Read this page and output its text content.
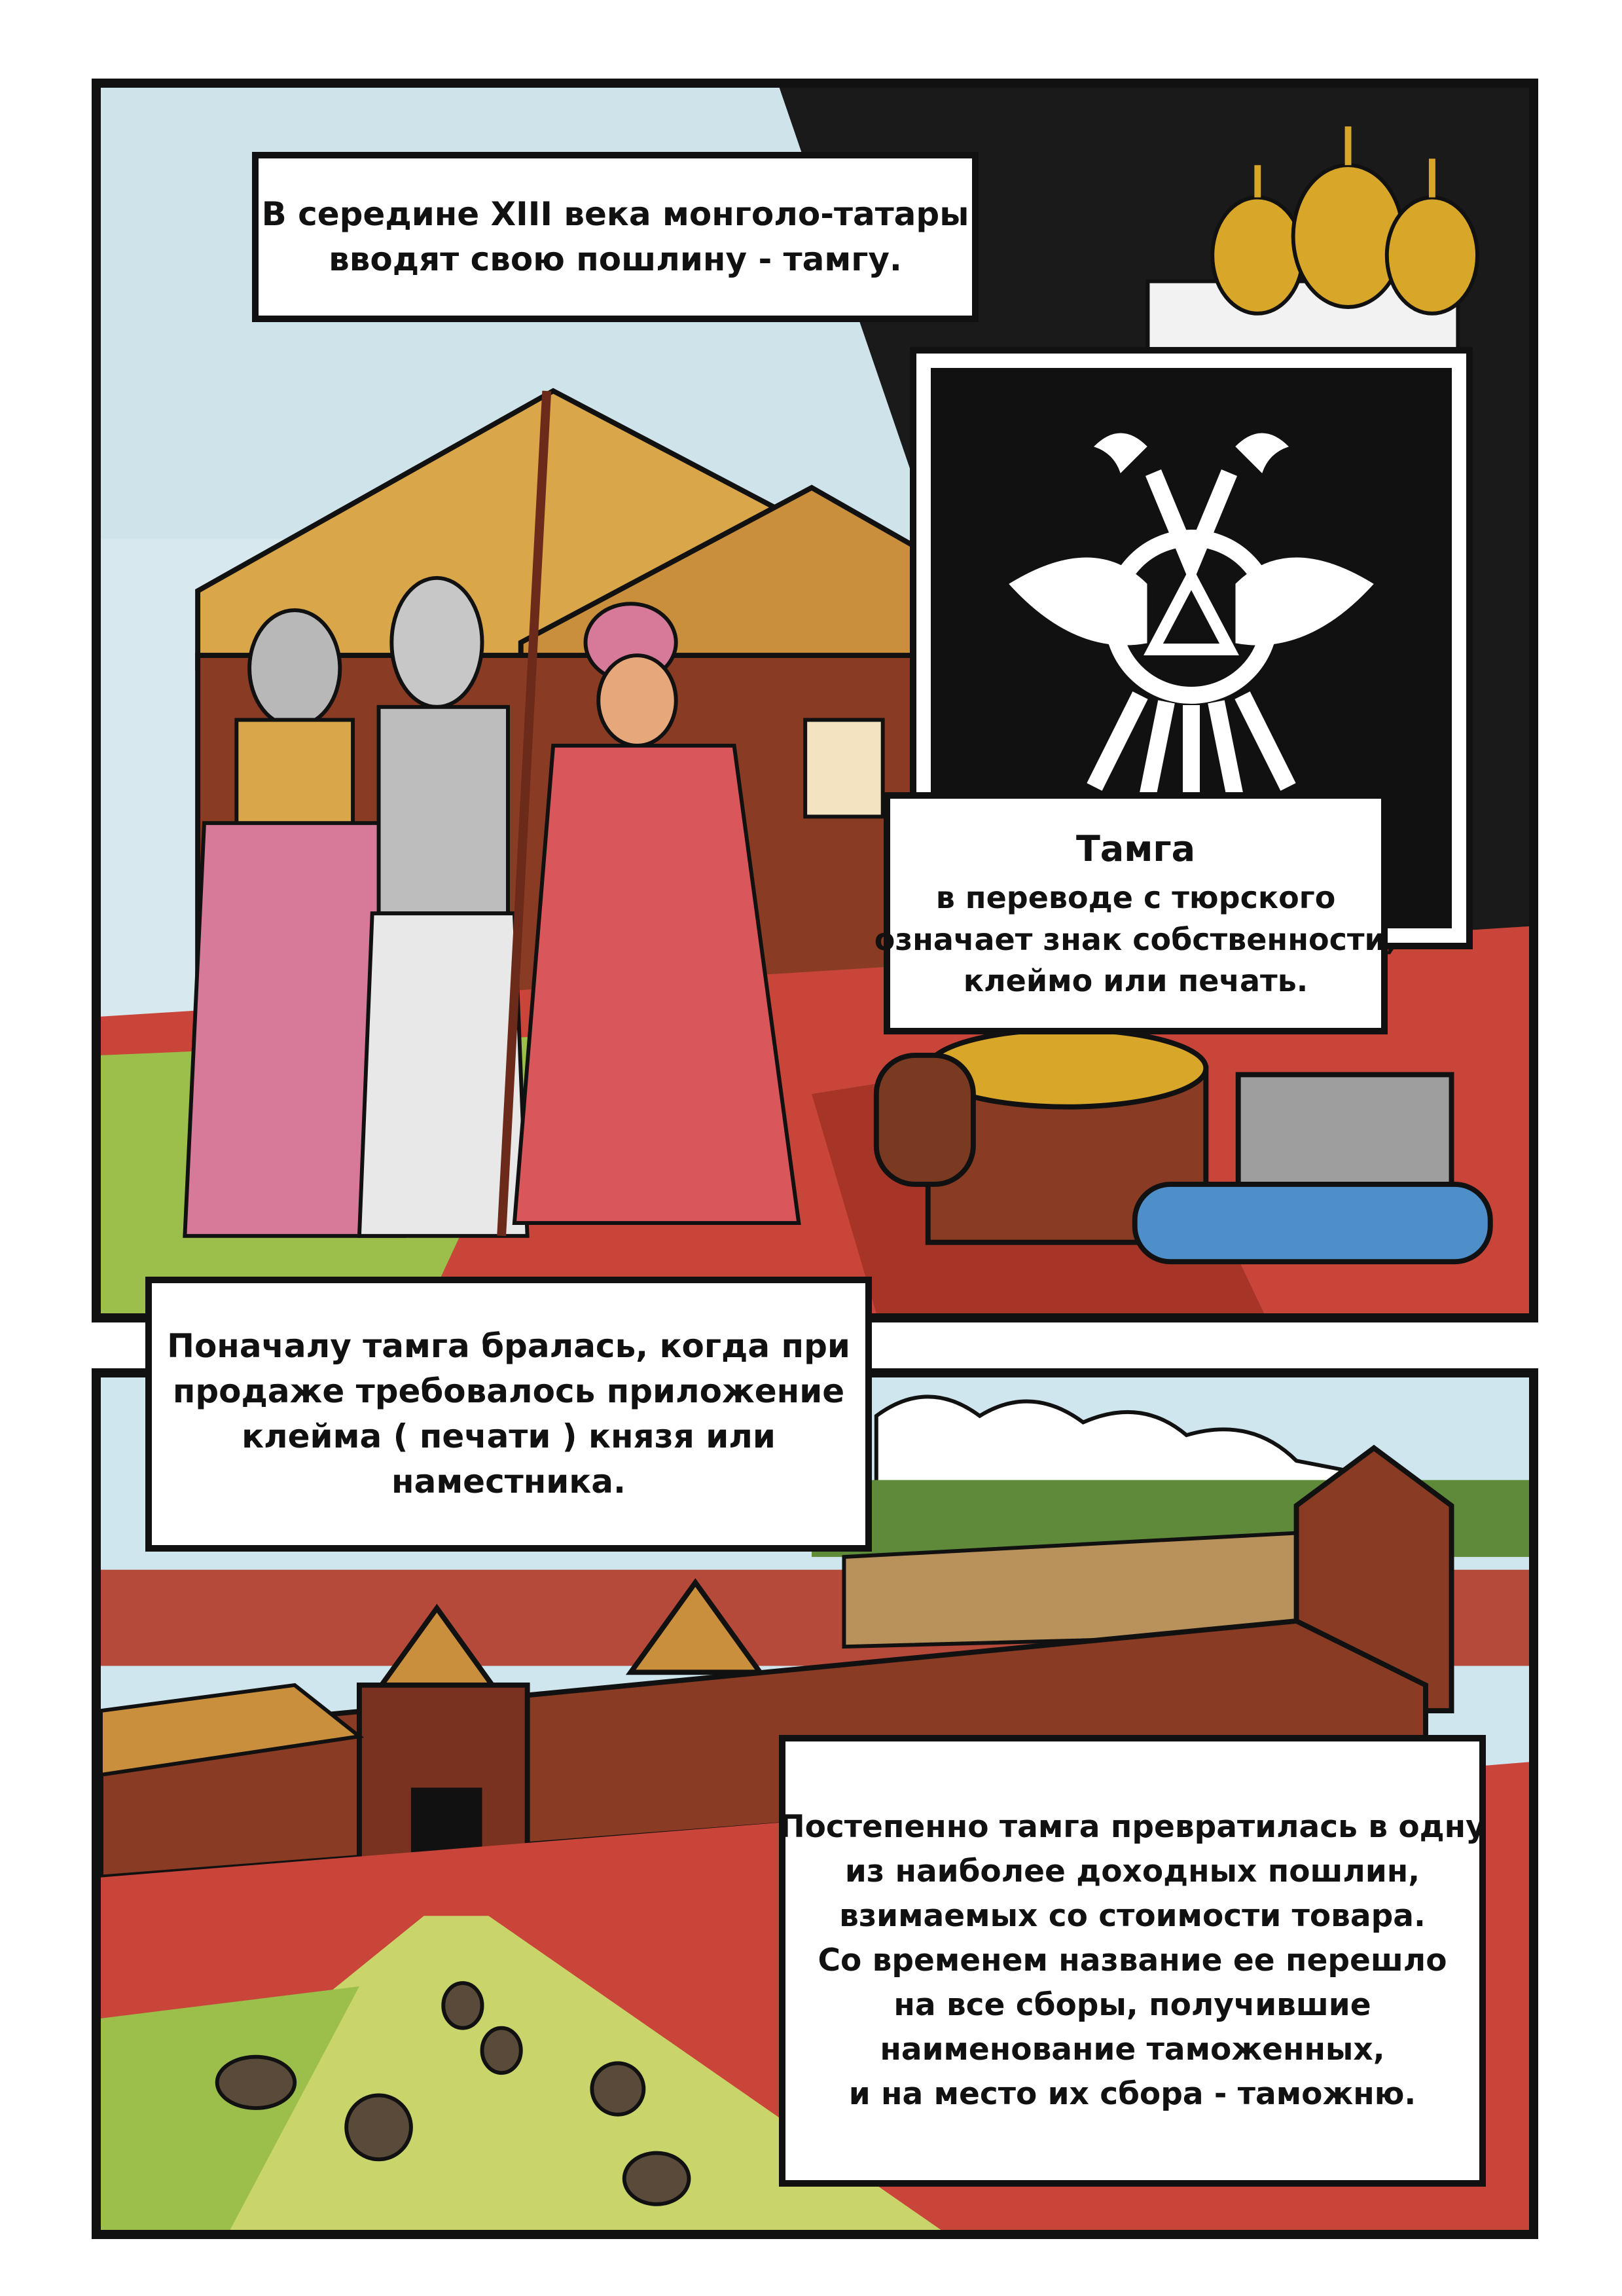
В середине XIII века монголо-татары
вводят свою пошлину - тамгу.
Тамга
в переводе с тюрского
означает знак собственности,
клеймо или печать.
Поначалу тамга бралась, когда при
продаже требовалось приложение
клейма ( печати ) князя или
наместника.
Постепенно тамга превратилась в одну
из наиболее доходных пошлин,
взимаемых со стоимости товара.
Со временем название ее перешло
на все сборы, получившие
наименование таможенных,
и на место их сбора - таможню.
